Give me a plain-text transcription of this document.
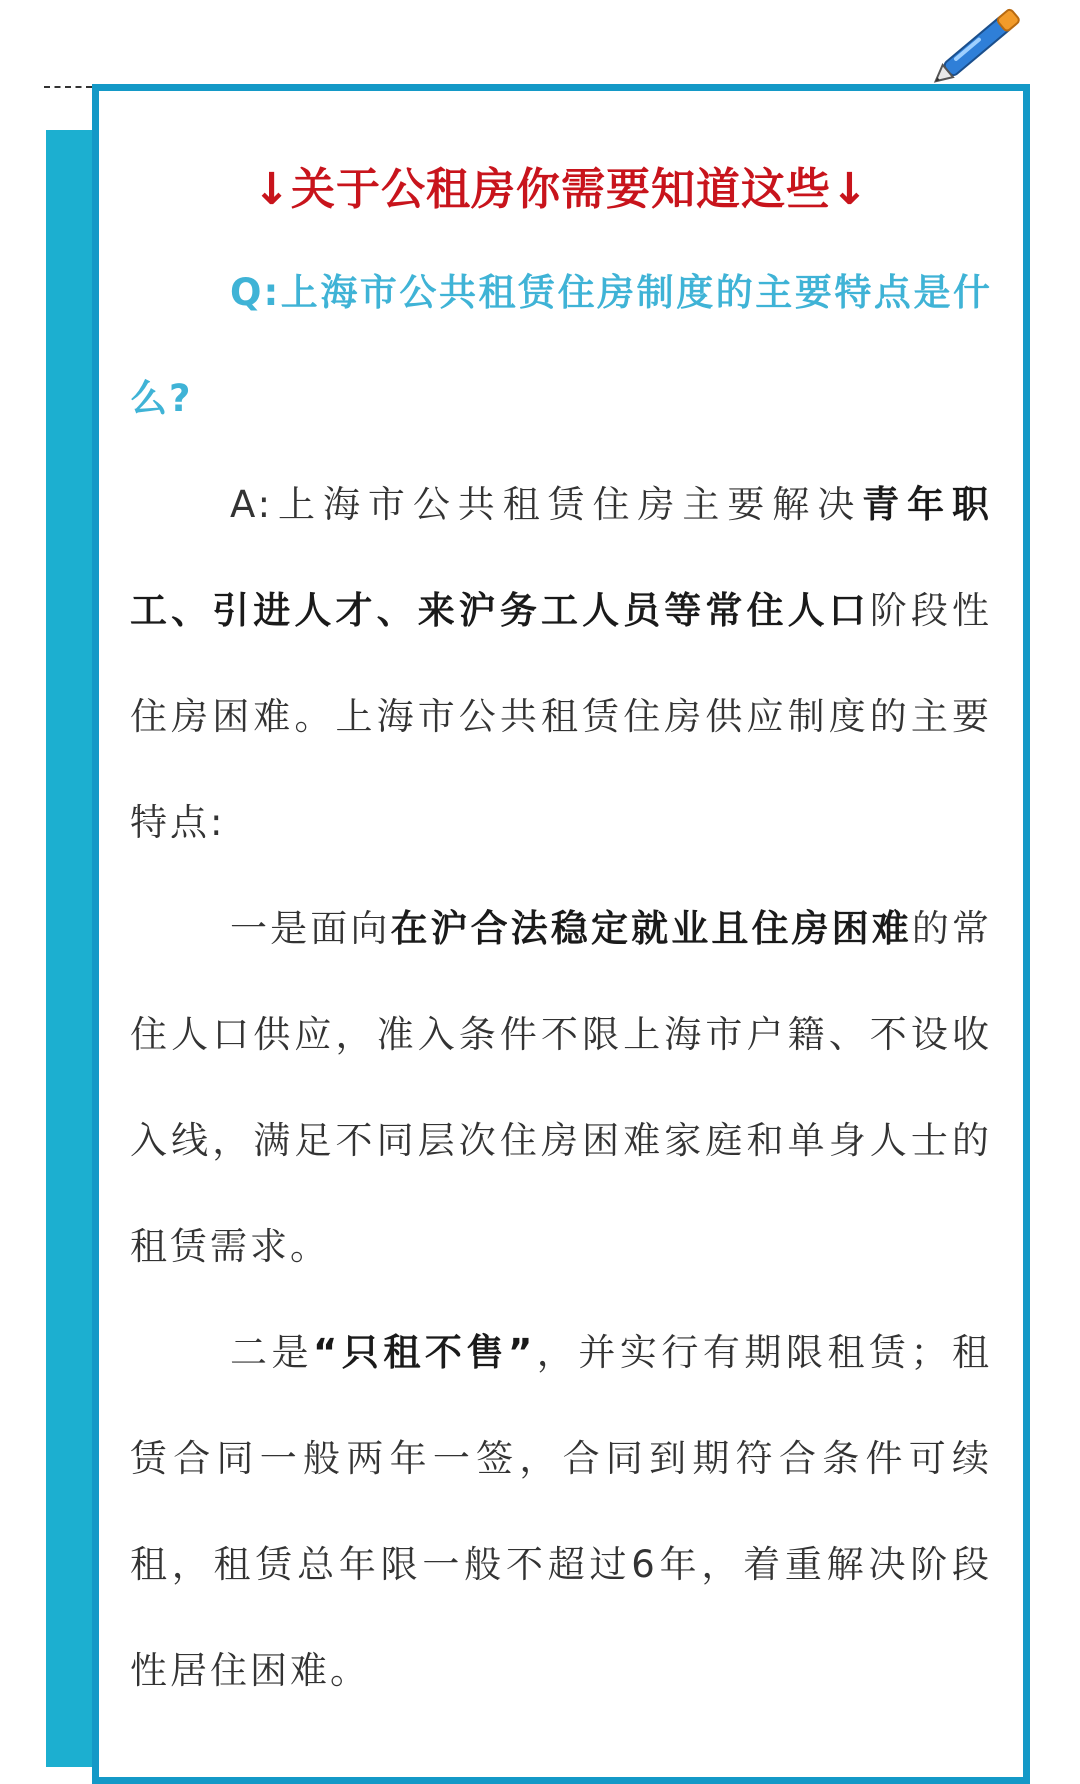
↓关于公租房你需要知道这些↓

Q:上海市公共租赁住房制度的主要特点是什么?

A:上海市公共租赁住房主要解决青年职工、引进人才、来沪务工人员等常住人口阶段性住房困难。上海市公共租赁住房供应制度的主要特点:

一是面向在沪合法稳定就业且住房困难的常住人口供应，准入条件不限上海市户籍、不设收入线，满足不同层次住房困难家庭和单身人士的租赁需求。

二是“只租不售”，并实行有期限租赁；租赁合同一般两年一签，合同到期符合条件可续租，租赁总年限一般不超过6年，着重解决阶段性居住困难。
